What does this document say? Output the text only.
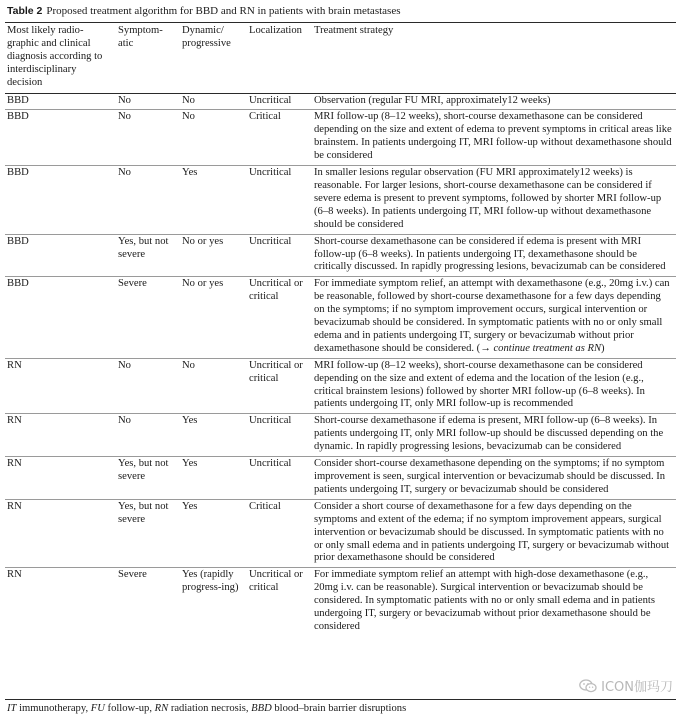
Table 2 Proposed treatment algorithm for BBD and RN in patients with brain metastases
Most likely radio-graphic and clinical diagnosis according to interdisciplinary decision	Symptom-atic	Dynamic/ progressive	Localization	Treatment strategy
BBD	No	No	Uncritical	Observation (regular FU MRI, approximately12 weeks)
BBD	No	No	Critical	MRI follow-up (8–12 weeks), short-course dexamethasone can be considered depending on the size and extent of edema to prevent symptoms in critical areas like brainstem. In patients undergoing IT, MRI follow-up without dexamethasone should be considered
BBD	No	Yes	Uncritical	In smaller lesions regular observation (FU MRI approximately12 weeks) is reasonable. For larger lesions, short-course dexamethasone can be considered if severe edema is present to prevent symptoms, followed by shorter MRI follow-up (6–8 weeks). In patients undergoing IT, MRI follow-up without dexamethasone should be considered
BBD	Yes, but not severe	No or yes	Uncritical	Short-course dexamethasone can be considered if edema is present with MRI follow-up (6–8 weeks). In patients undergoing IT, dexamethasone should be critically discussed. In rapidly progressing lesions, bevacizumab can be considered
BBD	Severe	No or yes	Uncritical or critical	For immediate symptom relief, an attempt with dexamethasone (e.g., 20mg i.v.) can be reasonable, followed by short-course dexamethasone for a few days depending on the symptoms; if no symptom improvement occurs, surgical intervention or bevacizumab should be considered. In symptomatic patients with no or only small edema and in patients undergoing IT, surgery or bevacizumab without prior dexamethasone should be considered. (→ continue treatment as RN)
RN	No	No	Uncritical or critical	MRI follow-up (8–12 weeks), short-course dexamethasone can be considered depending on the size and extent of edema and the location of the lesion (e.g., critical brainstem lesions) followed by shorter MRI follow-up (6–8 weeks). In patients undergoing IT, only MRI follow-up is recommended
RN	No	Yes	Uncritical	Short-course dexamethasone if edema is present, MRI follow-up (6–8 weeks). In patients undergoing IT, only MRI follow-up should be discussed depending on the dynamic. In rapidly progressing lesions, bevacizumab can be considered
RN	Yes, but not severe	Yes	Uncritical	Consider short-course dexamethasone depending on the symptoms; if no symptom improvement is seen, surgical intervention or bevacizumab should be discussed. In patients undergoing IT, surgery or bevacizumab should be considered
RN	Yes, but not severe	Yes	Critical	Consider a short course of dexamethasone for a few days depending on the symptoms and extent of the edema; if no symptom improvement appears, surgical intervention or bevacizumab should be discussed. In symptomatic patients with no or only small edema and in patients undergoing IT, surgery or bevacizumab without prior dexamethasone should be considered
RN	Severe	Yes (rapidly progress-ing)	Uncritical or critical	For immediate symptom relief an attempt with high-dose dexamethasone (e.g., 20mg i.v. can be reasonable). Surgical intervention or bevacizumab should be considered. In symptomatic patients with no or only small edema and in patients undergoing IT, surgery or bevacizumab without prior dexamethasone should be considered
IT immunotherapy, FU follow-up, RN radiation necrosis, BBD blood–brain barrier disruptions
ICON伽玛刀
